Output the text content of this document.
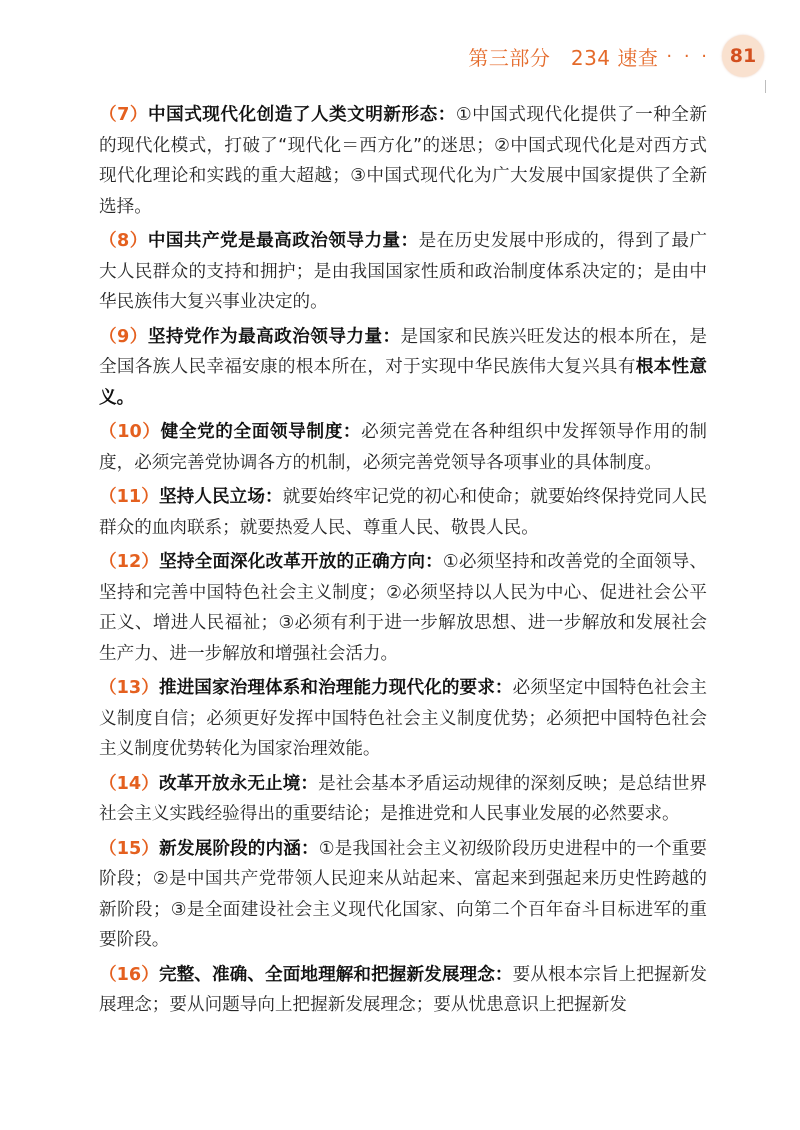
第三部分　234 速查 · · ·	81

（7）中国式现代化创造了人类文明新形态：①中国式现代化提供了一种全新的现代化模式，打破了“现代化＝西方化”的迷思；②中国式现代化是对西方式现代化理论和实践的重大超越；③中国式现代化为广大发展中国家提供了全新选择。

（8）中国共产党是最高政治领导力量：是在历史发展中形成的，得到了最广大人民群众的支持和拥护；是由我国国家性质和政治制度体系决定的；是由中华民族伟大复兴事业决定的。

（9）坚持党作为最高政治领导力量：是国家和民族兴旺发达的根本所在，是全国各族人民幸福安康的根本所在，对于实现中华民族伟大复兴具有根本性意义。

（10）健全党的全面领导制度：必须完善党在各种组织中发挥领导作用的制度，必须完善党协调各方的机制，必须完善党领导各项事业的具体制度。

（11）坚持人民立场：就要始终牢记党的初心和使命；就要始终保持党同人民群众的血肉联系；就要热爱人民、尊重人民、敬畏人民。

（12）坚持全面深化改革开放的正确方向：①必须坚持和改善党的全面领导、坚持和完善中国特色社会主义制度；②必须坚持以人民为中心、促进社会公平正义、增进人民福祉；③必须有利于进一步解放思想、进一步解放和发展社会生产力、进一步解放和增强社会活力。

（13）推进国家治理体系和治理能力现代化的要求：必须坚定中国特色社会主义制度自信；必须更好发挥中国特色社会主义制度优势；必须把中国特色社会主义制度优势转化为国家治理效能。

（14）改革开放永无止境：是社会基本矛盾运动规律的深刻反映；是总结世界社会主义实践经验得出的重要结论；是推进党和人民事业发展的必然要求。

（15）新发展阶段的内涵：①是我国社会主义初级阶段历史进程中的一个重要阶段；②是中国共产党带领人民迎来从站起来、富起来到强起来历史性跨越的新阶段；③是全面建设社会主义现代化国家、向第二个百年奋斗目标进军的重要阶段。

（16）完整、准确、全面地理解和把握新发展理念：要从根本宗旨上把握新发展理念；要从问题导向上把握新发展理念；要从忧患意识上把握新发
